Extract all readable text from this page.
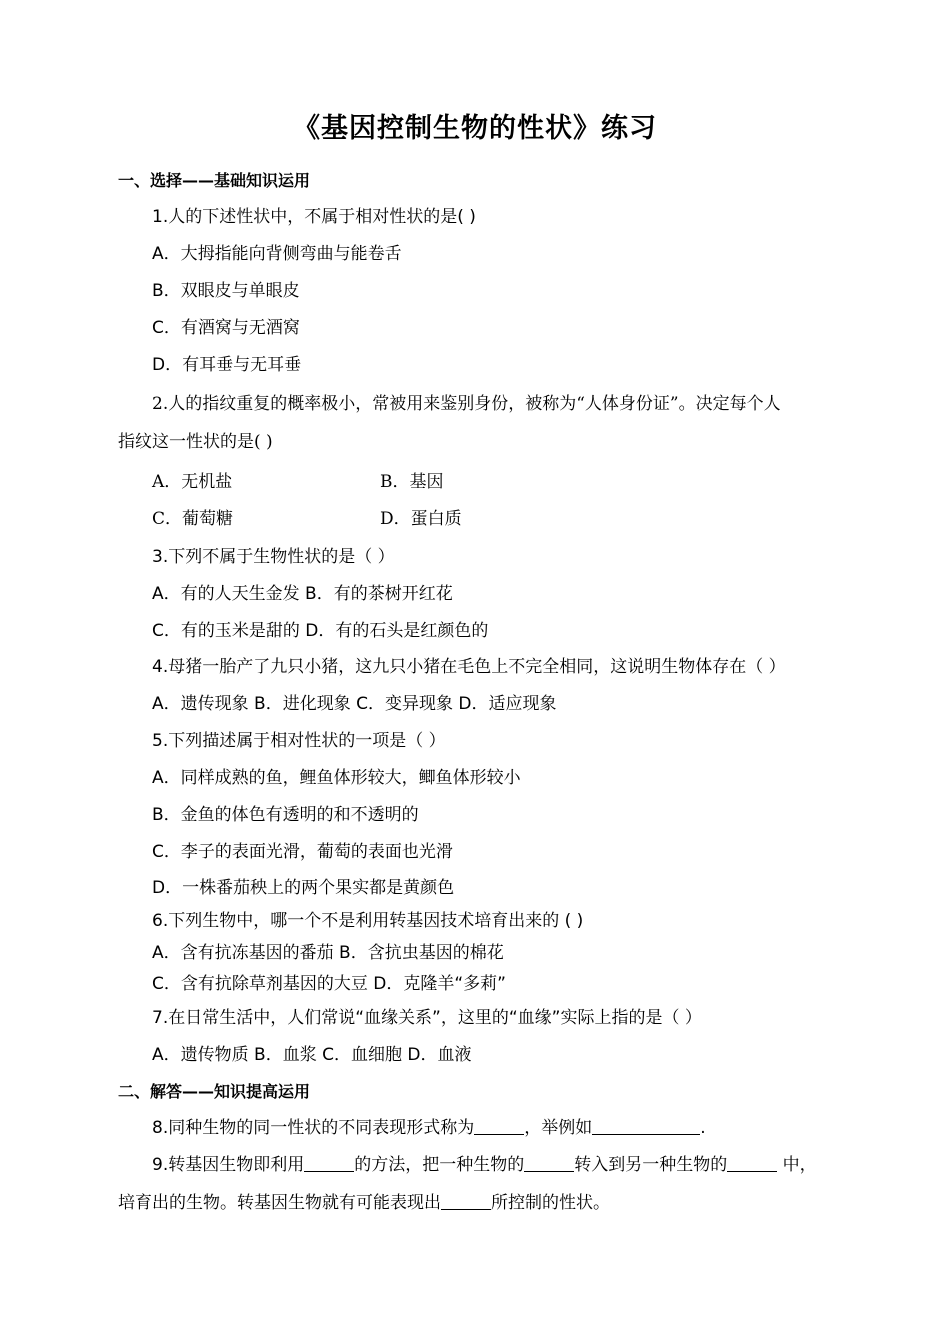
《基因控制生物的性状》练习
一、选择——基础知识运用
1.人的下述性状中，不属于相对性状的是( )
A．大拇指能向背侧弯曲与能卷舌
B．双眼皮与单眼皮
C．有酒窝与无酒窝
D．有耳垂与无耳垂
2.人的指纹重复的概率极小，常被用来鉴别身份，被称为“人体身份证”。决定每个人
指纹这一性状的是( )
A．无机盐	B．基因
C．葡萄糖	D．蛋白质
3.下列不属于生物性状的是（ ）
A．有的人天生金发 B．有的茶树开红花
C．有的玉米是甜的 D．有的石头是红颜色的
4.母猪一胎产了九只小猪，这九只小猪在毛色上不完全相同，这说明生物体存在（ ）
A．遗传现象 B．进化现象 C．变异现象 D．适应现象
5.下列描述属于相对性状的一项是（ ）
A．同样成熟的鱼，鲤鱼体形较大，鲫鱼体形较小
B．金鱼的体色有透明的和不透明的
C．李子的表面光滑，葡萄的表面也光滑
D．一株番茄秧上的两个果实都是黄颜色
6.下列生物中，哪一个不是利用转基因技术培育出来的 ( )
A．含有抗冻基因的番茄 B．含抗虫基因的棉花
C．含有抗除草剂基因的大豆 D．克隆羊“多莉”
7.在日常生活中，人们常说“血缘关系”，这里的“血缘”实际上指的是（ ）
A．遗传物质 B．血浆 C．血细胞 D．血液
二、解答——知识提高运用
8.同种生物的同一性状的不同表现形式称为	，举例如	.
9.转基因生物即利用	的方法，把一种生物的	转入到另一种生物的	中，
培育出的生物。转基因生物就有可能表现出	所控制的性状。
